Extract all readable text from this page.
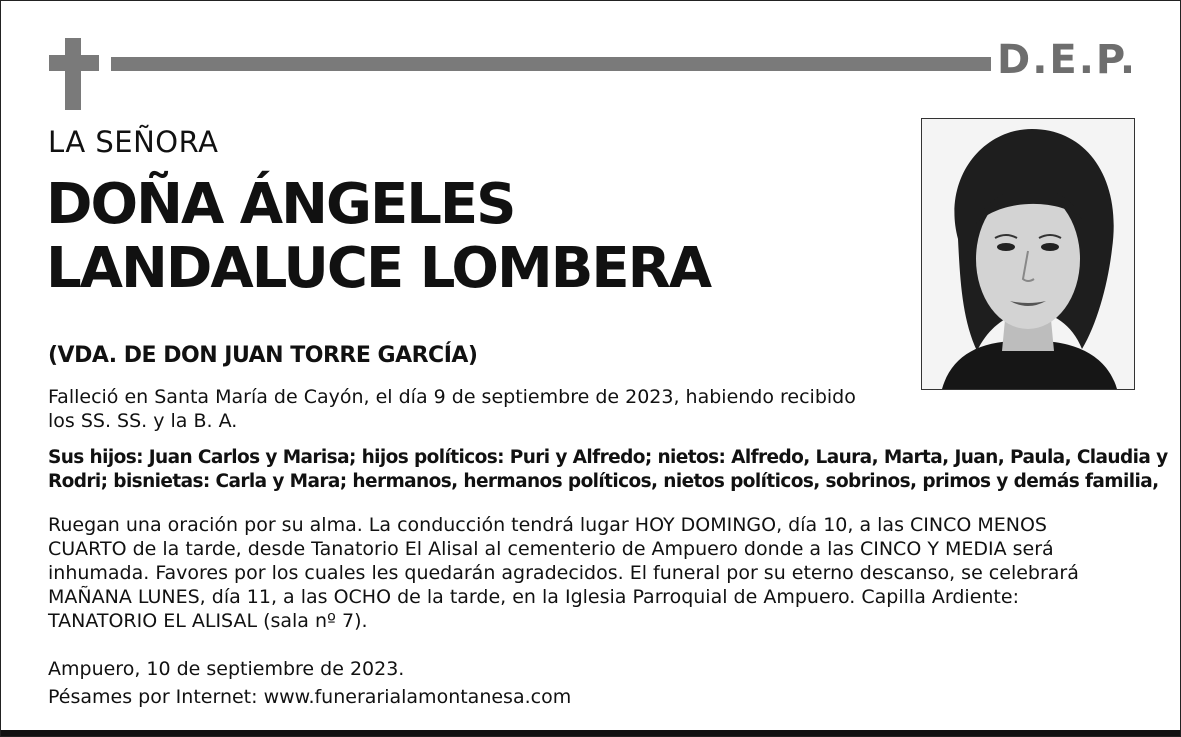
D.E.P.
LA SEÑORA
DOÑA ÁNGELES
LANDALUCE LOMBERA
(VDA. DE DON JUAN TORRE GARCÍA)
Falleció en Santa María de Cayón, el día 9 de septiembre de 2023, habiendo recibido
los SS. SS. y la B. A.
Sus hijos: Juan Carlos y Marisa; hijos políticos: Puri y Alfredo; nietos: Alfredo, Laura, Marta, Juan, Paula, Claudia y
Rodri; bisnietas: Carla y Mara; hermanos, hermanos políticos, nietos políticos, sobrinos, primos y demás familia,
Ruegan una oración por su alma. La conducción tendrá lugar HOY DOMINGO, día 10, a las CINCO MENOS
CUARTO de la tarde, desde Tanatorio El Alisal al cementerio de Ampuero donde a las CINCO Y MEDIA será
inhumada. Favores por los cuales les quedarán agradecidos. El funeral por su eterno descanso, se celebrará
MAÑANA LUNES, día 11, a las OCHO de la tarde, en la Iglesia Parroquial de Ampuero. Capilla Ardiente:
TANATORIO EL ALISAL (sala nº 7).
Ampuero, 10 de septiembre de 2023.
Pésames por Internet: www.funerarialamontanesa.com
